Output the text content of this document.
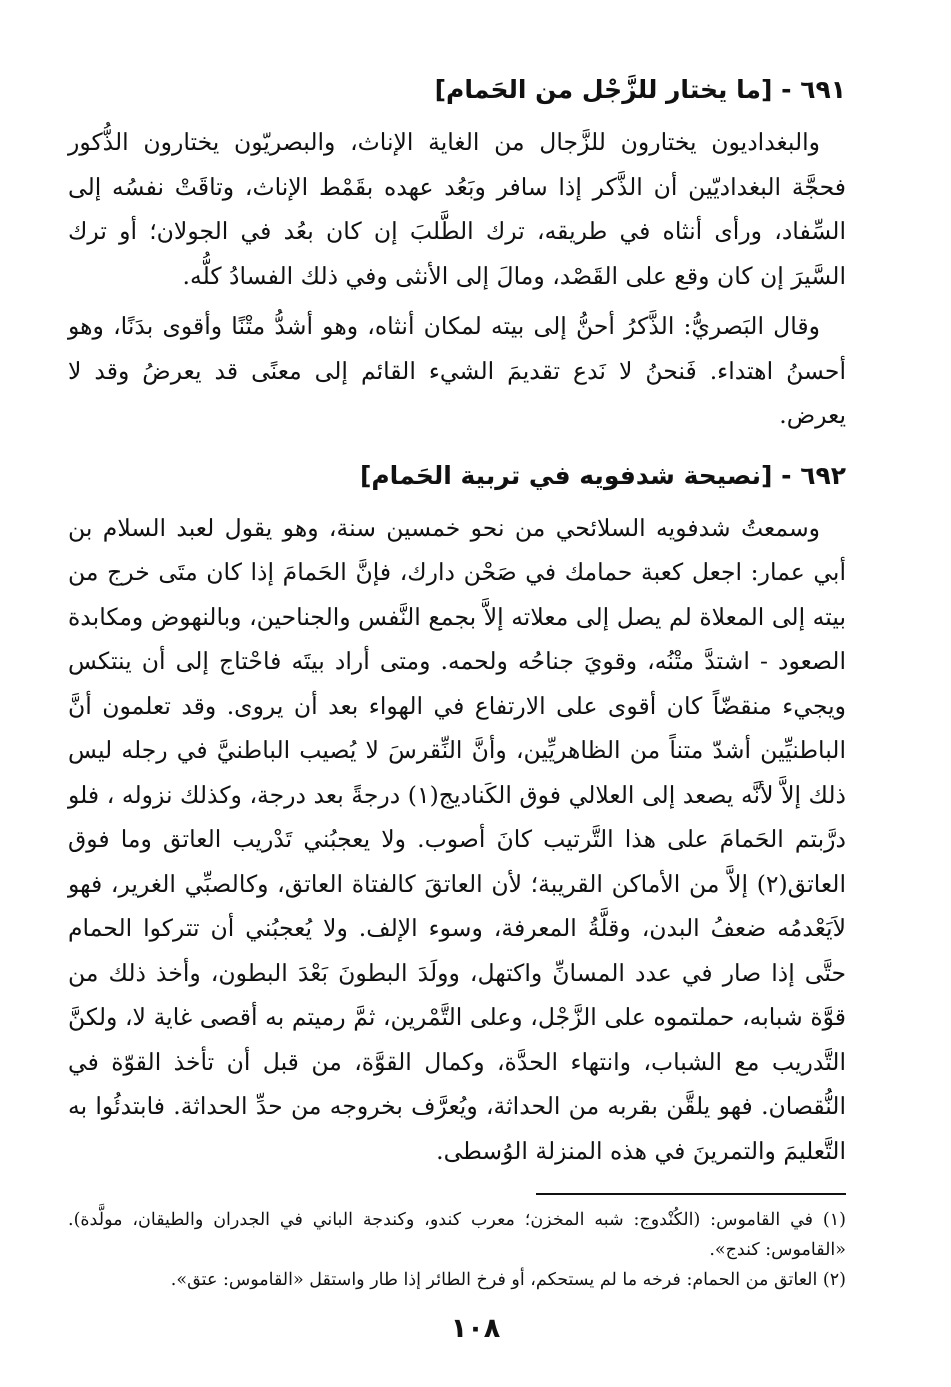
٦٩١ - [ما يختار للزَّجْل من الحَمام]

والبغداديون يختارون للزَّجال من الغاية الإناث، والبصريّون يختارون الذُّكور فحجَّة البغداديّين أن الذَّكر إذا سافر وبَعُد عهده بقَمْط الإناث، وتاقَتْ نفسُه إلى السِّفاد، ورأى أنثاه في طريقه، ترك الطَّلبَ إن كان بعُد في الجولان؛ أو ترك السَّيرَ إن كان وقع على القَصْد، ومالَ إلى الأنثى وفي ذلك الفسادُ كلُّه.

وقال البَصريُّ: الذَّكرُ أحنُّ إلى بيته لمكان أنثاه، وهو أشدُّ متْنًا وأقوى بدَنًا، وهو أحسنُ اهتداء. فَنحنُ لا نَدع تقديمَ الشيء القائم إلى معنًى قد يعرضُ وقد لا يعرض.

٦٩٢ - [نصيحة شدفويه في تربية الحَمام]

وسمعتُ شدفويه السلائحي من نحو خمسين سنة، وهو يقول لعبد السلام بن أبي عمار: اجعل كعبة حمامك في صَحْن دارك، فإنَّ الحَمامَ إذا كان متَى خرج من بيته إلى المعلاة لم يصل إلى معلاته إلاَّ بجمع النَّفس والجناحين، وبالنهوض ومكابدة الصعود - اشتدَّ متْنُه، وقويَ جناحُه ولحمه. ومتى أراد بيتَه فاحْتاج إلى أن ينتكس ويجيء منقضّاً كان أقوى على الارتفاع في الهواء بعد أن يروى. وقد تعلمون أنَّ الباطنيِّين أشدّ متناً من الظاهريِّين، وأنَّ النِّقرسَ لا يُصيب الباطنيَّ في رجله ليس ذلك إلاَّ لأنَّه يصعد إلى العلالي فوق الكَناديج(١) درجةً بعد درجة، وكذلك نزوله ، فلو درَّبتم الحَمامَ على هذا التَّرتيب كانَ أصوب. ولا يعجبُني تَدْريب العاتق وما فوق العاتق(٢) إلاَّ من الأماكن القريبة؛ لأن العاتقَ كالفتاة العاتق، وكالصبِّي الغرير، فهو لاَيَعْدمُه ضعفُ البدن، وقلَّةُ المعرفة، وسوء الإلف. ولا يُعجبُني أن تتركوا الحمام حتَّى إذا صار في عدد المسانِّ واكتهل، وولَدَ البطونَ بَعْدَ البطون، وأخذ ذلك من قوَّة شبابه، حملتموه على الزَّجْل، وعلى التَّمْرين، ثمَّ رميتم به أقصى غاية لا، ولكنَّ التَّدريب مع الشباب، وانتهاء الحدَّة، وكمال القوَّة، من قبل أن تأخذ القوّة في النُّقصان. فهو يلقَّن بقربه من الحداثة، ويُعرَّف بخروجه من حدِّ الحداثة. فابتدئُوا به التَّعليمَ والتمرينَ في هذه المنزلة الوُسطى.

(١) في القاموس: (الكُنْدوج: شبه المخزن؛ معرب كندو، وكندجة الباني في الجدران والطيقان، مولَّدة). «القاموس: كندج».

(٢) العاتق من الحمام: فرخه ما لم يستحكم، أو فرخ الطائر إذا طار واستقل «القاموس: عتق».

١٠٨
